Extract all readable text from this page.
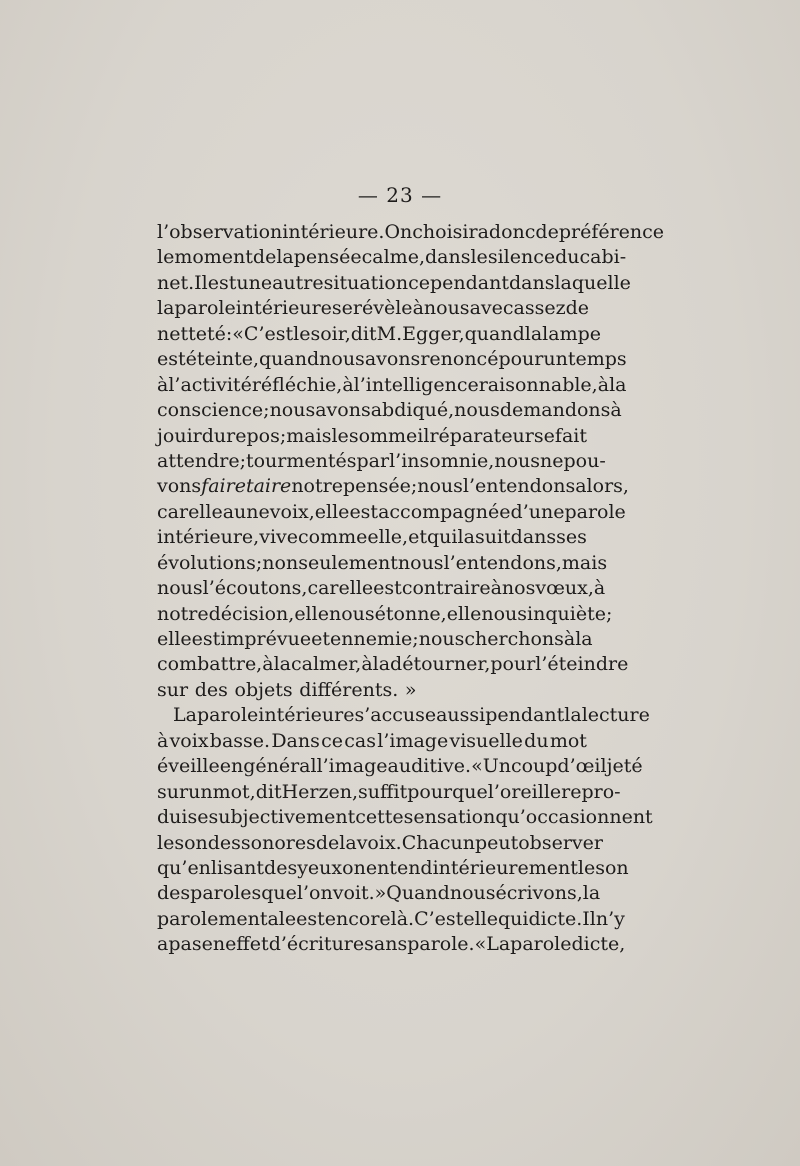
— 23 —
l’observation intérieure. On choisira donc de préférence
le moment de la pensée calme, dans le silence du cabi-
net. Il est une autre situation cependant dans laquelle
la parole intérieure se révèle à nous avec assez de
netteté : « C’est le soir, dit M. Egger, quand la lampe
est éteinte, quand nous avons renoncé pour un temps
à l’activité réfléchie, à l’intelligence raisonnable, à la
conscience; nous avons abdiqué, nous demandons à
jouir du repos; mais le sommeil réparateur se fait
attendre; tourmentés par l’insomnie, nous ne pou-
vons faire taire notre pensée; nous l’entendons alors,
car elle a une voix, elle est accompagnée d’une parole
intérieure, vive comme elle, et qui la suit dans ses
évolutions; non seulement nous l’entendons, mais
nous l’écoutons, car elle est contraire à nos vœux, à
notre décision, elle nous étonne, elle nous inquiète;
elle est imprévue et ennemie; nous cherchons à la
combattre, à la calmer, à la détourner, pour l’éteindre
sur des objets différents. »
La parole intérieure s’accuse aussi pendant la lecture
à voix basse. Dans ce cas l’image visuelle du mot
éveille en général l’image auditive. « Un coup d’œil jeté
sur un mot, dit Herzen, suffit pour que l’oreille repro-
duise subjectivement cette sensation qu’occasionnent
les ondes sonores de la voix. Chacun peut observer
qu’en lisant des yeux on entend intérieurement le son
des paroles que l’on voit. » Quand nous écrivons, la
parole mentale est encore là. C’est elle qui dicte. Il n’y
a pas en effet d’écriture sans parole. « La parole dicte,
